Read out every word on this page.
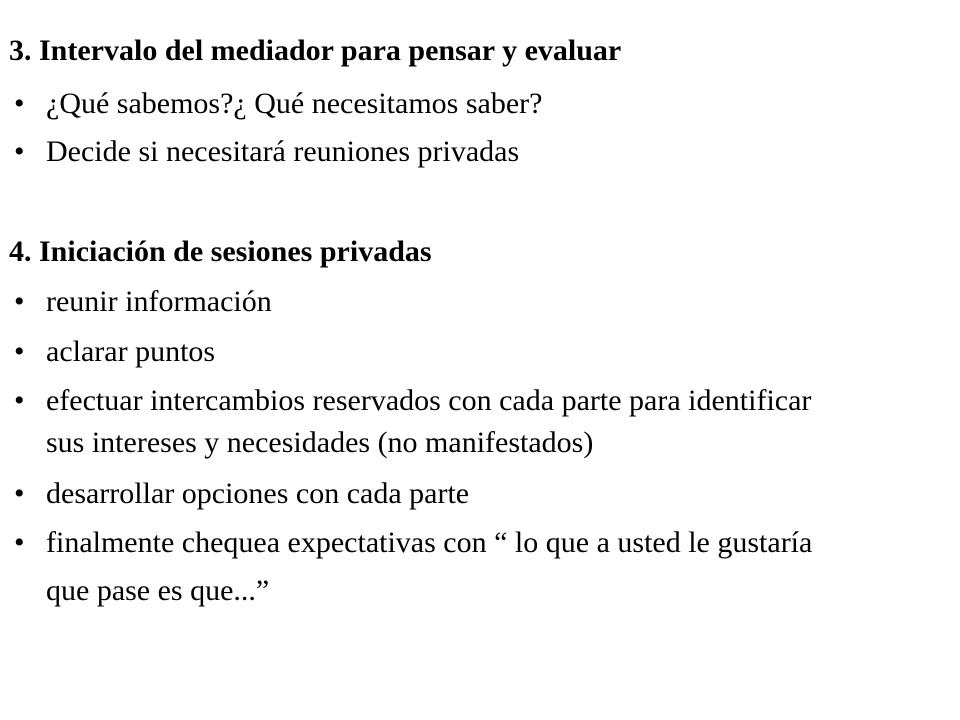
3. Intervalo del mediador para pensar y evaluar
• ¿Qué sabemos?¿ Qué necesitamos saber?
• Decide si necesitará reuniones privadas
4. Iniciación de sesiones privadas
• reunir información
• aclarar puntos
• efectuar intercambios reservados con cada parte para identificar
sus intereses y necesidades (no manifestados)
• desarrollar opciones con cada parte
• finalmente chequea expectativas con “ lo que a usted le gustaría
que pase es que...”
